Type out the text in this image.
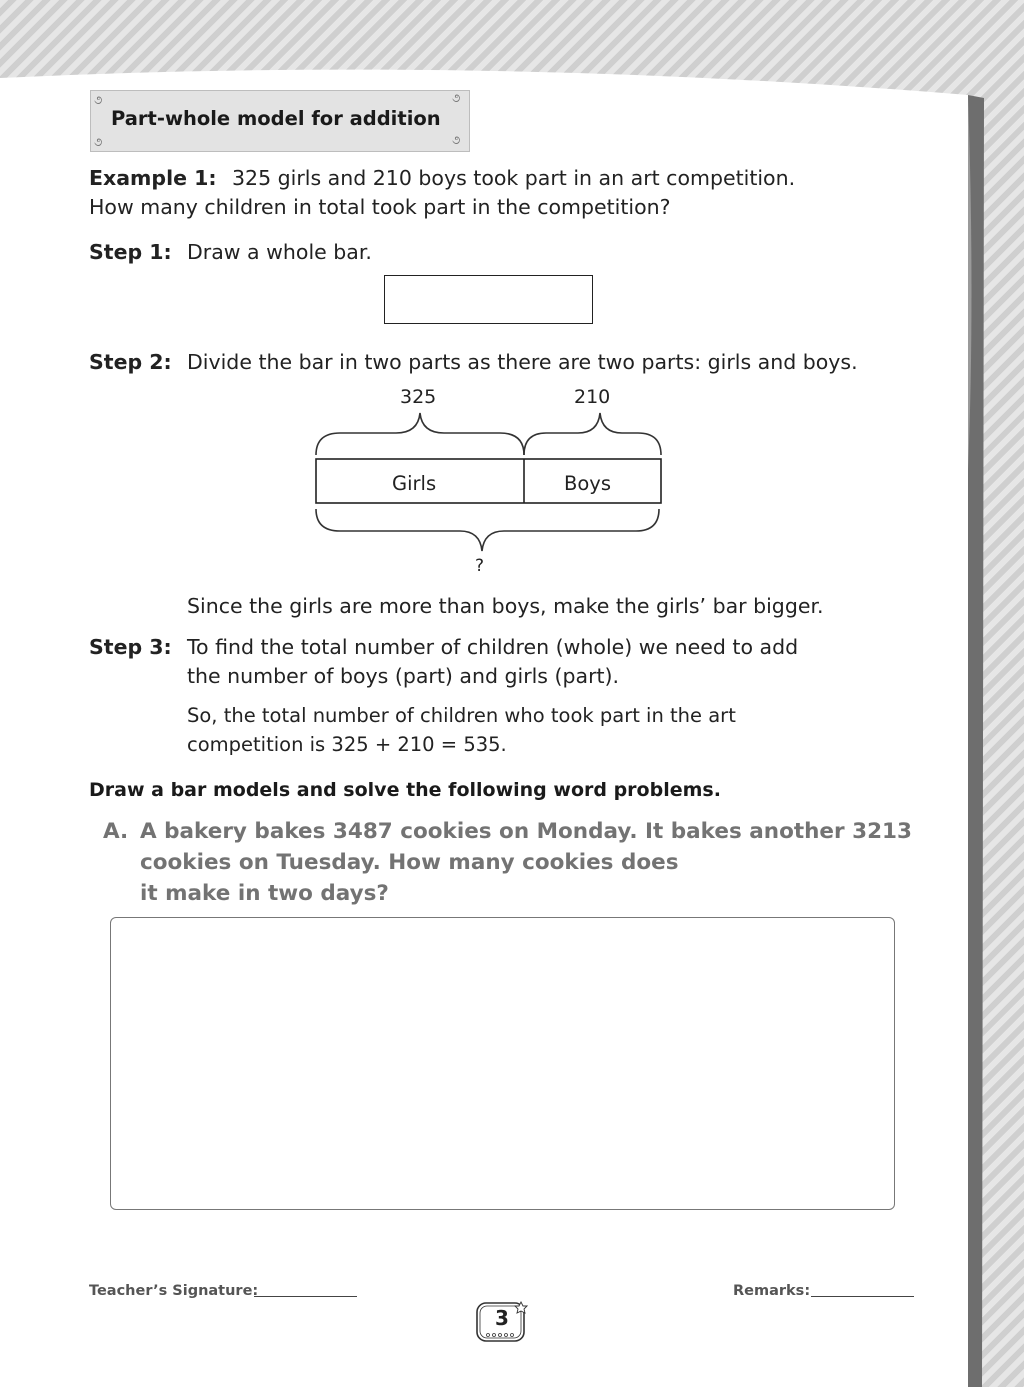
૭	૭
૭	૭
Part-whole model for addition
Example 1: 325 girls and 210 boys took part in an art competition.
How many children in total took part in the competition?
Step 1: Draw a whole bar.
Step 2: Divide the bar in two parts as there are two parts: girls and boys.
325	210
Girls	Boys
?
Since the girls are more than boys, make the girls’ bar bigger.
Step 3: To find the total number of children (whole) we need to add
the number of boys (part) and girls (part).
So, the total number of children who took part in the art
competition is 325 + 210 = 535.
Draw a bar models and solve the following word problems.
A. A bakery bakes 3487 cookies on Monday. It bakes another 3213
cookies on Tuesday. How many cookies does
it make in two days?
Teacher’s Signature:	Remarks:
3
